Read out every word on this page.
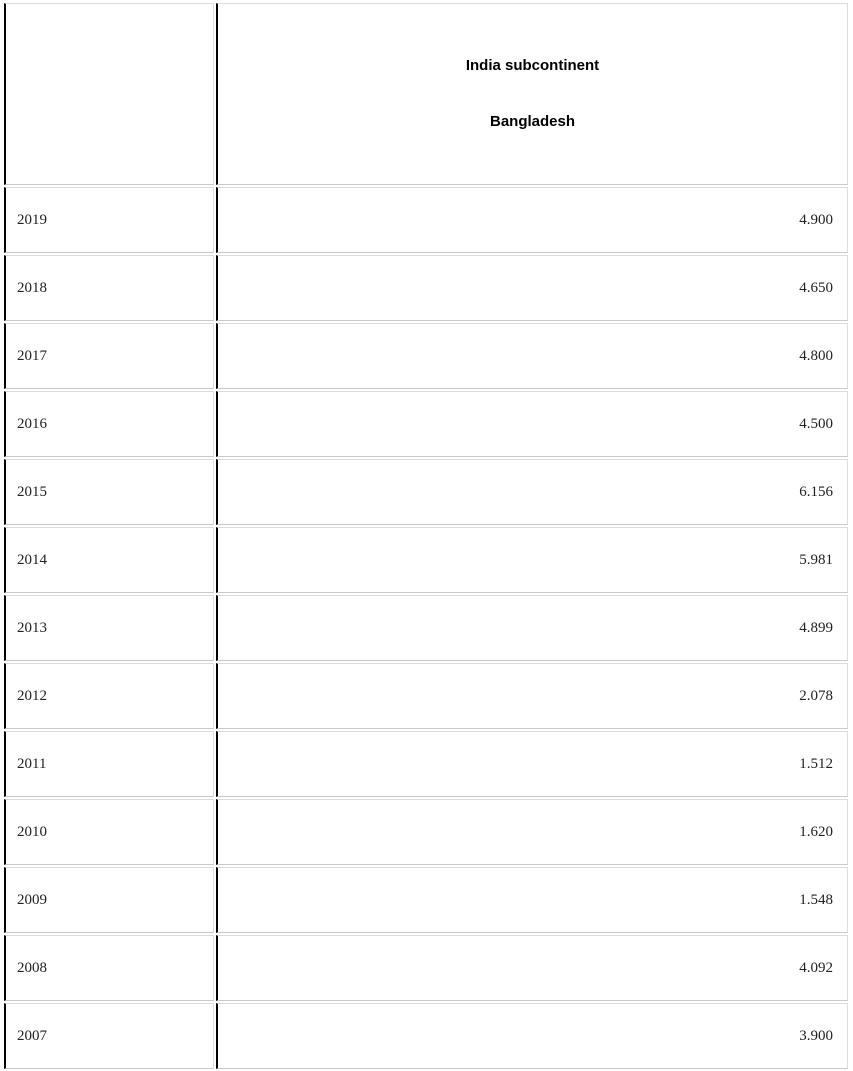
	India subcontinent
Bangladesh

2019	4.900
2018	4.650
2017	4.800
2016	4.500
2015	6.156
2014	5.981
2013	4.899
2012	2.078
2011	1.512
2010	1.620
2009	1.548
2008	4.092
2007	3.900
